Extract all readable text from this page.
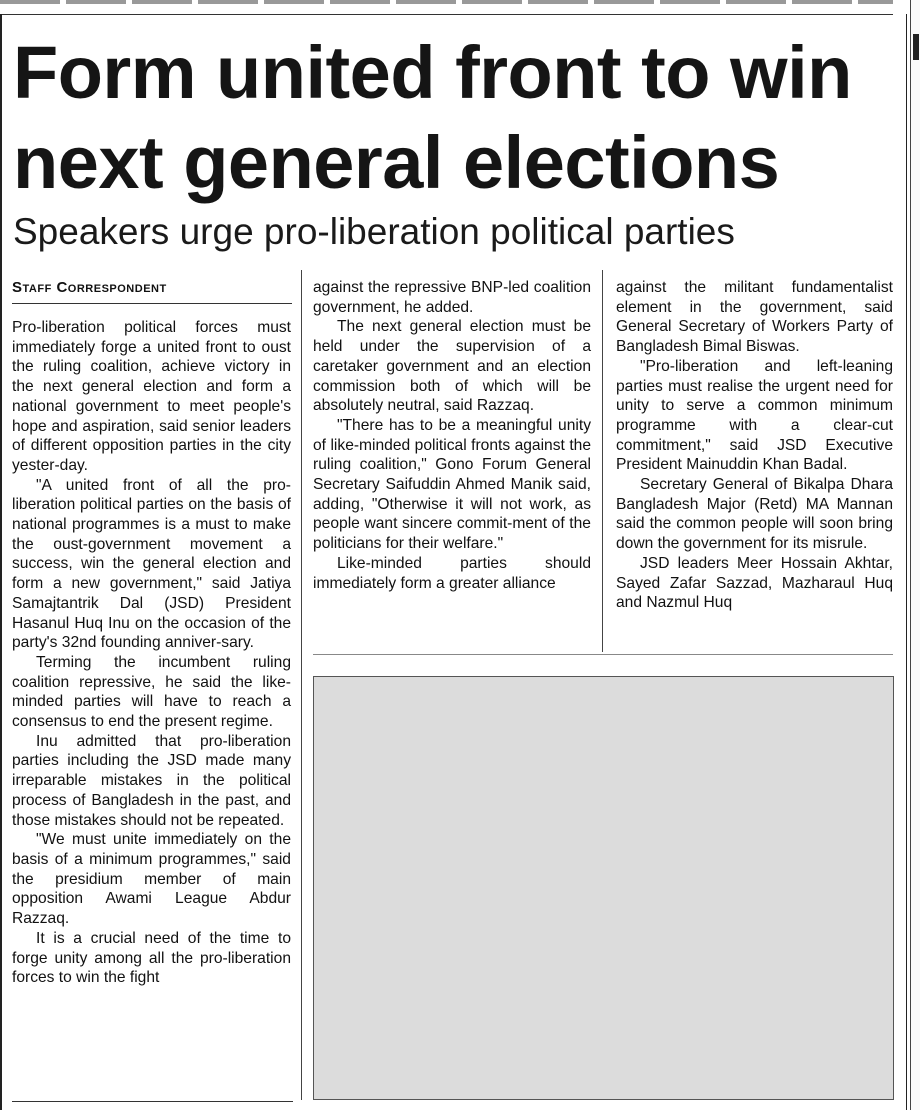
Form united front to win next general elections
Speakers urge pro-liberation political parties
Staff Correspondent

Pro-liberation political forces must immediately forge a united front to oust the ruling coalition, achieve victory in the next general election and form a national government to meet people's hope and aspiration, said senior leaders of different opposition parties in the city yester-day.

"A united front of all the pro-liberation political parties on the basis of national programmes is a must to make the oust-government movement a success, win the general election and form a new government," said Jatiya Samajtantrik Dal (JSD) President Hasanul Huq Inu on the occasion of the party's 32nd founding anniver-sary.

Terming the incumbent ruling coalition repressive, he said the like-minded parties will have to reach a consensus to end the present regime.

Inu admitted that pro-liberation parties including the JSD made many irreparable mistakes in the political process of Bangladesh in the past, and those mistakes should not be repeated.

"We must unite immediately on the basis of a minimum programmes," said the presidium member of main opposition Awami League Abdur Razzaq.

It is a crucial need of the time to forge unity among all the pro-liberation forces to win the fight

against the repressive BNP-led coalition government, he added.

The next general election must be held under the supervision of a caretaker government and an election commission both of which will be absolutely neutral, said Razzaq.

"There has to be a meaningful unity of like-minded political fronts against the ruling coalition," Gono Forum General Secretary Saifuddin Ahmed Manik said, adding, "Otherwise it will not work, as people want sincere commit-ment of the politicians for their welfare."

Like-minded parties should immediately form a greater alliance

against the militant fundamentalist element in the government, said General Secretary of Workers Party of Bangladesh Bimal Biswas.

"Pro-liberation and left-leaning parties must realise the urgent need for unity to serve a common minimum programme with a clear-cut commitment," said JSD Executive President Mainuddin Khan Badal.

Secretary General of Bikalpa Dhara Bangladesh Major (Retd) MA Mannan said the common people will soon bring down the government for its misrule.

JSD leaders Meer Hossain Akhtar, Sayed Zafar Sazzad, Mazharaul Huq and Nazmul Huq
